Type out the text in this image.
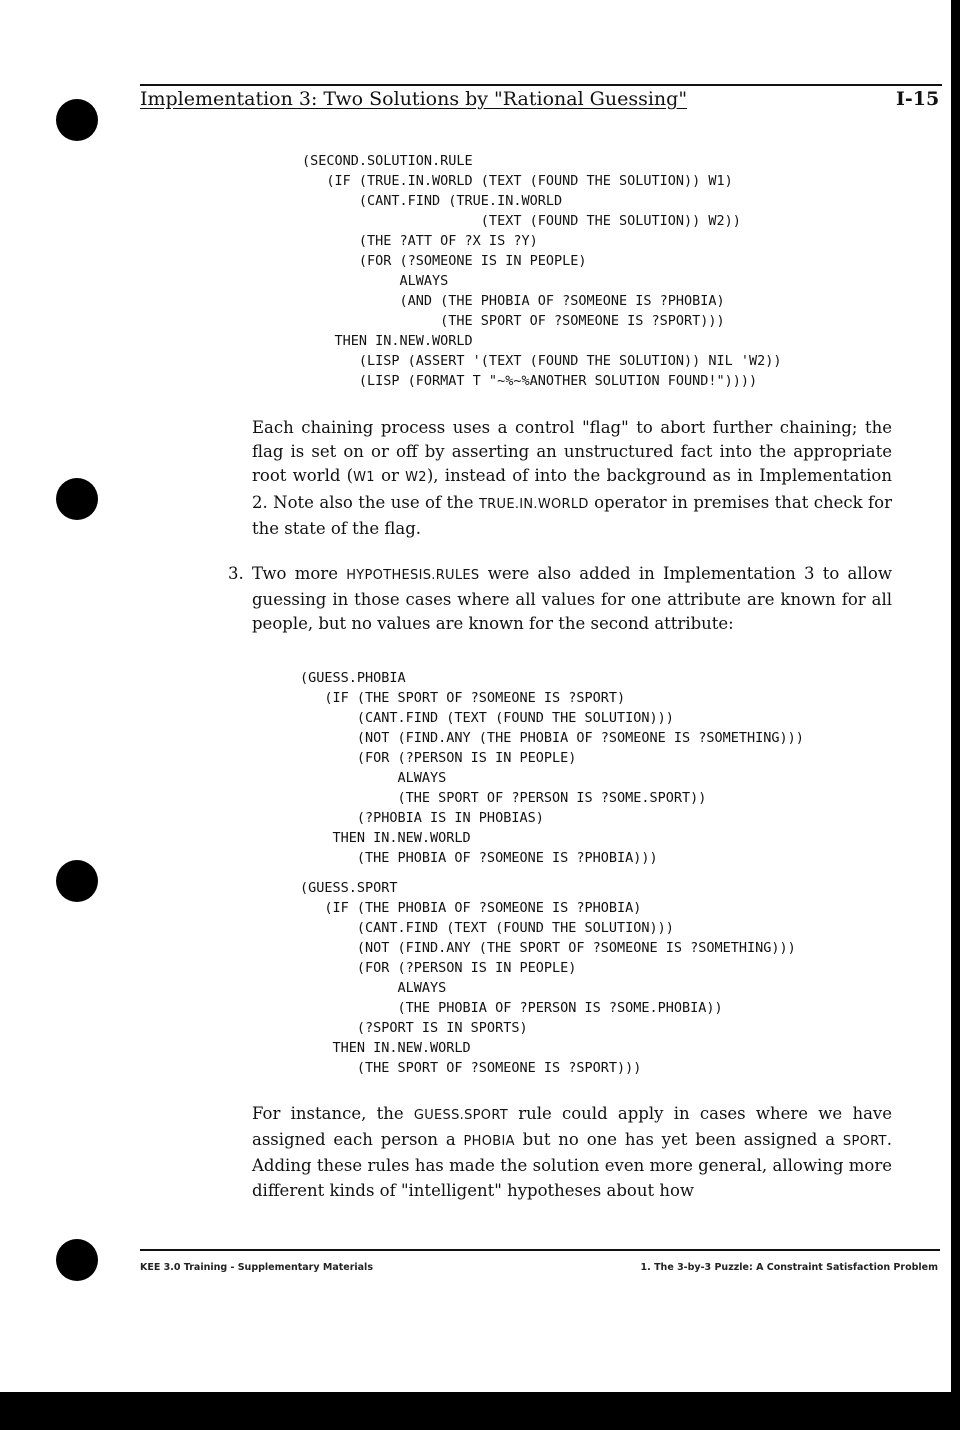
Implementation 3: Two Solutions by "Rational Guessing"	I-15
(SECOND.SOLUTION.RULE
(IF (TRUE.IN.WORLD (TEXT (FOUND THE SOLUTION)) W1)
(CANT.FIND (TRUE.IN.WORLD
(TEXT (FOUND THE SOLUTION)) W2))
(THE ?ATT OF ?X IS ?Y)
(FOR (?SOMEONE IS IN PEOPLE)
ALWAYS
(AND (THE PHOBIA OF ?SOMEONE IS ?PHOBIA)
(THE SPORT OF ?SOMEONE IS ?SPORT)))
THEN IN.NEW.WORLD
(LISP (ASSERT '(TEXT (FOUND THE SOLUTION)) NIL 'W2))
(LISP (FORMAT T "~%~%ANOTHER SOLUTION FOUND!"))))

Each chaining process uses a control "flag" to abort further chaining; the flag is set on or off by asserting an unstructured fact into the appropriate root world (W1 or W2), instead of into the background as in Implementation 2. Note also the use of the TRUE.IN.WORLD operator in premises that check for the state of the flag.

3. Two more HYPOTHESIS.RULES were also added in Implementation 3 to allow guessing in those cases where all values for one attribute are known for all people, but no values are known for the second attribute:

(GUESS.PHOBIA
(IF (THE SPORT OF ?SOMEONE IS ?SPORT)
(CANT.FIND (TEXT (FOUND THE SOLUTION)))
(NOT (FIND.ANY (THE PHOBIA OF ?SOMEONE IS ?SOMETHING)))
(FOR (?PERSON IS IN PEOPLE)
ALWAYS
(THE SPORT OF ?PERSON IS ?SOME.SPORT))
(?PHOBIA IS IN PHOBIAS)
THEN IN.NEW.WORLD
(THE PHOBIA OF ?SOMEONE IS ?PHOBIA)))
(GUESS.SPORT
(IF (THE PHOBIA OF ?SOMEONE IS ?PHOBIA)
(CANT.FIND (TEXT (FOUND THE SOLUTION)))
(NOT (FIND.ANY (THE SPORT OF ?SOMEONE IS ?SOMETHING)))
(FOR (?PERSON IS IN PEOPLE)
ALWAYS
(THE PHOBIA OF ?PERSON IS ?SOME.PHOBIA))
(?SPORT IS IN SPORTS)
THEN IN.NEW.WORLD
(THE SPORT OF ?SOMEONE IS ?SPORT)))

For instance, the GUESS.SPORT rule could apply in cases where we have assigned each person a PHOBIA but no one has yet been assigned a SPORT. Adding these rules has made the solution even more general, allowing more different kinds of "intelligent" hypotheses about how

KEE 3.0 Training - Supplementary Materials	1. The 3-by-3 Puzzle: A Constraint Satisfaction Problem
